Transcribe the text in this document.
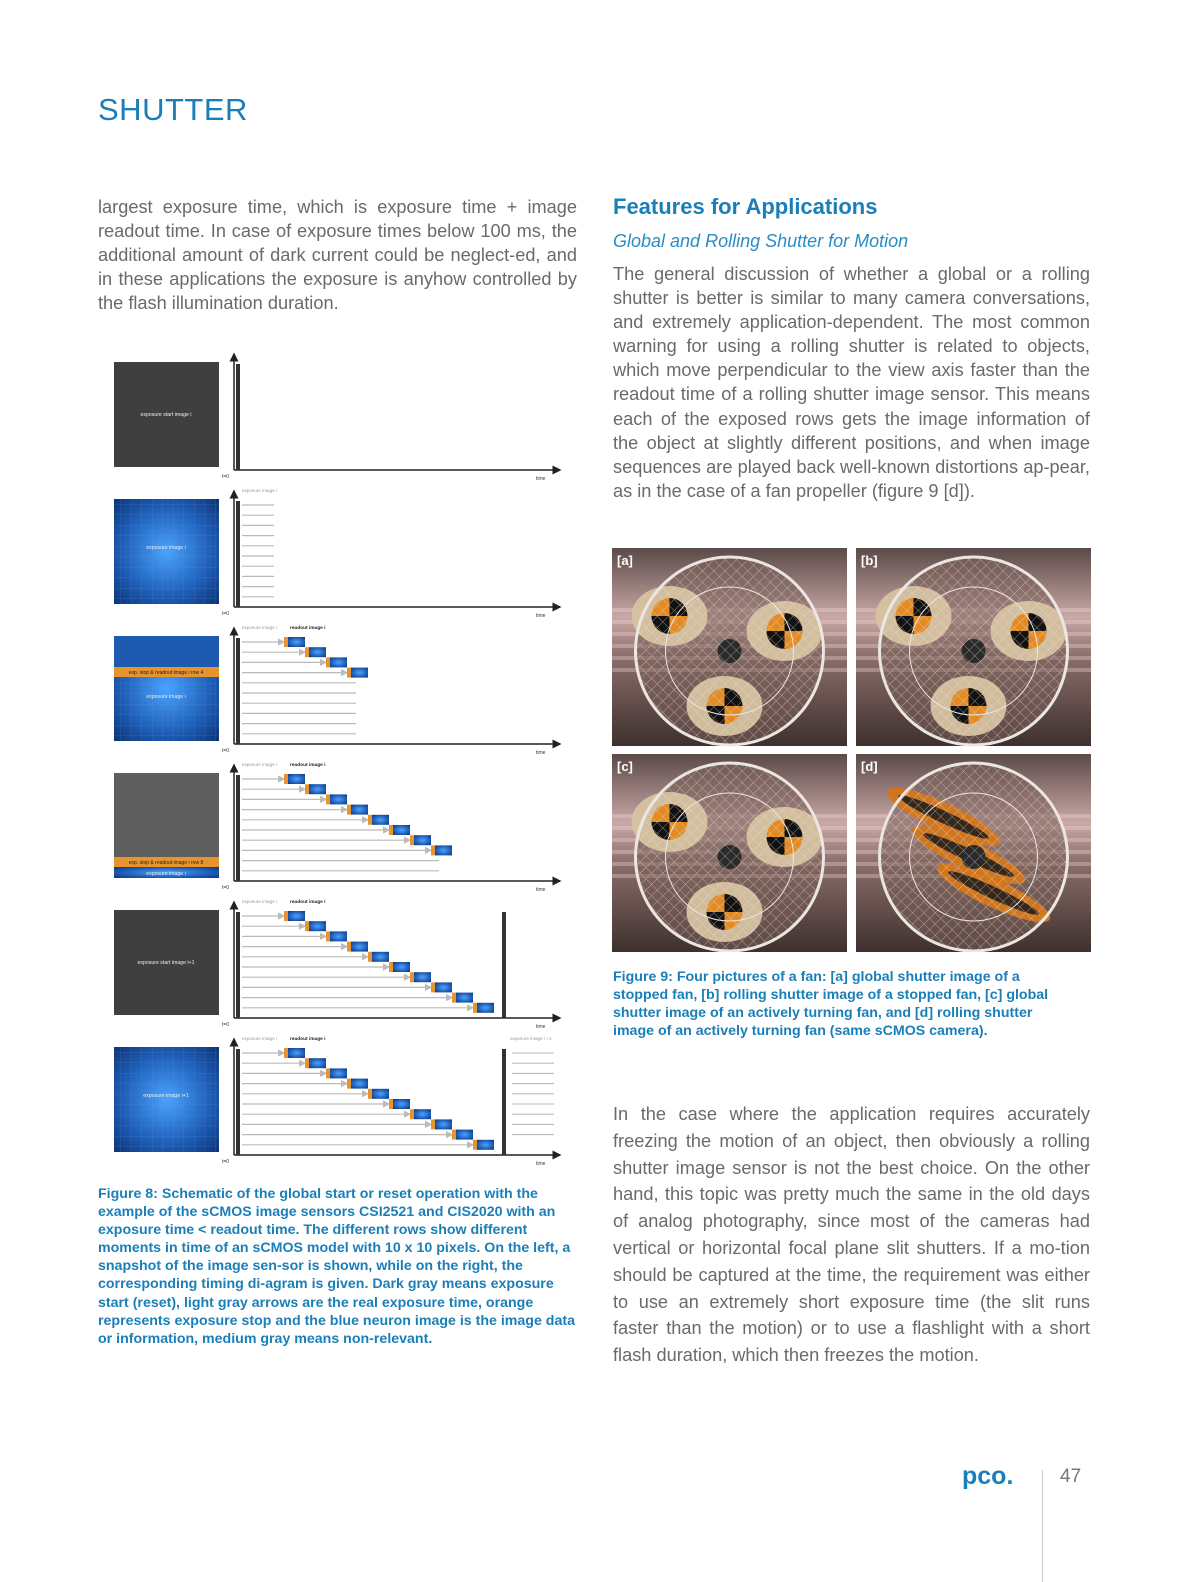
SHUTTER
largest exposure time, which is exposure time + image readout time. In case of exposure times below 100 ms, the additional amount of dark current could be neglect-ed, and in these applications the exposure is anyhow controlled by the flash illumination duration.
Features for Applications
Global and Rolling Shutter for Motion
The general discussion of whether a global or a rolling shutter is better is similar to many camera conversations, and extremely application-dependent. The most common warning for using a rolling shutter is related to objects, which move perpendicular to the view axis faster than the readout time of a rolling shutter image sensor. This means each of the exposed rows gets the image information of the object at slightly different positions, and when image sequences are played back well-known distortions ap-pear, as in the case of a fan propeller (figure 9 [d]).
exposure start image i
t=0	time
exposure image i
t=0	time
exposure image i
exp. stop & readout image i row 4
exposure image i
t=0	time
exposure image i	readout image i
exp. stop & readout image i row 8
exposure image i
t=0	time
exposure image i	readout image i
exposure start image i+1
t=0	time
exposure image i	readout image i
exposure image i+1
t=0	time
exposure image i	readout image i	exposure image i +1
Figure 8: Schematic of the global start or reset operation with the example of the sCMOS image sensors CSI2521 and CIS2020 with an exposure time < readout time. The different rows show different moments in time of an sCMOS model with 10 x 10 pixels. On the left, a snapshot of the image sen-sor is shown, while on the right, the corresponding timing di-agram is given. Dark gray means exposure start (reset), light gray arrows are the real exposure time, orange represents exposure stop and the blue neuron image is the image data or information, medium gray means non-relevant.
[a]	[b]
[c]	[d]
Figure 9: Four pictures of a fan: [a] global shutter image of a stopped fan, [b] rolling shutter image of a stopped fan, [c] global shutter image of an actively turning fan, and [d] rolling shutter image of an actively turning fan (same sCMOS camera).
In the case where the application requires accurately freezing the motion of an object, then obviously a rolling shutter image sensor is not the best choice. On the other hand, this topic was pretty much the same in the old days of analog photography, since most of the cameras had vertical or horizontal focal plane slit shutters. If a mo-tion should be captured at the time, the requirement was either to use an extremely short exposure time (the slit runs faster than the motion) or to use a flashlight with a short flash duration, which then freezes the motion.
pco. 47
